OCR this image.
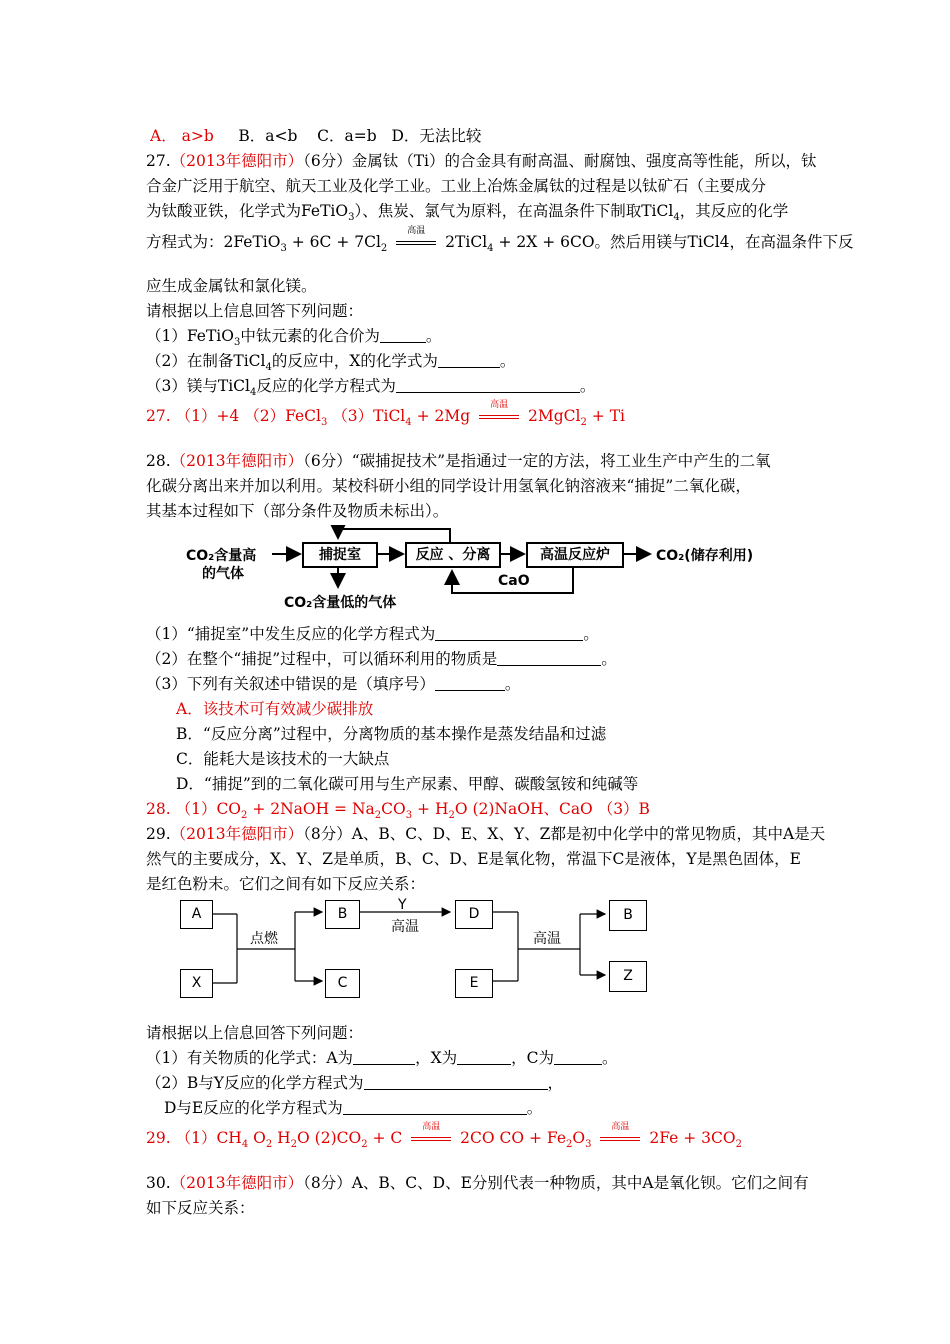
A． a>b     B．a<b    C．a=b   D．无法比较
27.（2013年德阳市）（6分）金属钛（Ti）的合金具有耐高温、耐腐蚀、强度高等性能，所以，钛
合金广泛用于航空、航天工业及化学工业。工业上冶炼金属钛的过程是以钛矿石（主要成分
为钛酸亚铁，化学式为FeTiO$_3$）、焦炭、氯气为原料，在高温条件下制取TiCl$_4$，其反应的化学
方程式为：2FeTiO$_3$ + $6C + 7Cl_2$
高温
2TiCl$_4$ + 2X + 6CO。然后用镁与TiCl4，在高温条件下反
应生成金属钛和氯化镁。
请根据以上信息回答下列问题：
（1）FeTiO$_3$中钛元素的化合价为	。
（2）在制备TiCl$_4$的反应中，X的化学式为	。
（3）镁与TiCl$_4$反应的化学方程式为	。
27. （1）+4 （2）FeCl$_3$ （3）TiCl$_4$ + 2Mg
高温
2MgCl$_2$ + Ti
28.（2013年德阳市）（6分）“碳捕捉技术”是指通过一定的方法，将工业生产中产生的二氧
化碳分离出来并加以利用。某校科研小组的同学设计用氢氧化钠溶液来“捕捉”二氧化碳，
其基本过程如下（部分条件及物质未标出）。
CO₂含量高
的气体
捕捉室	反应 、分离	高温反应炉	CO₂(储存利用)
CO₂含量低的气体
CaO
（1）“捕捉室”中发生反应的化学方程式为	。
（2）在整个“捕捉”过程中，可以循环利用的物质是	。
（3）下列有关叙述中错误的是（填序号）	。
A．该技术可有效减少碳排放
B．“反应分离”过程中，分离物质的基本操作是蒸发结晶和过滤
C．能耗大是该技术的一大缺点
D．“捕捉”到的二氧化碳可用与生产尿素、甲醇、碳酸氢铵和纯碱等
28. $(1)CO_2$ + 2NaOH = $Na_2CO_3 + H_2O$ (2)NaOH、CaO （3）B
29.（2013年德阳市）（8分）A、B、C、D、E、X、Y、Z都是初中化学中的常见物质，其中A是天
然气的主要成分，X、Y、Z是单质，B、C、D、E是氧化物，常温下C是液体，Y是黑色固体，E
是红色粉末。它们之间有如下反应关系：
A
X
B
C
D
E
B
Z
点燃
Y
高温
高温
请根据以上信息回答下列问题：
（1）有关物质的化学式：A为	，X为	，C为	。
（2）B与Y反应的化学方程式为	，
D与E反应的化学方程式为	。
29. $(1)CH_4$ $O_2$ $H_2O$ $(2)CO_2 + C$
高温
2CO CO + $Fe_2O_3$
高温
$2Fe + 3CO_2$
30.（2013年德阳市）（8分）A、B、C、D、E分别代表一种物质，其中A是氧化钡。它们之间有
如下反应关系：
